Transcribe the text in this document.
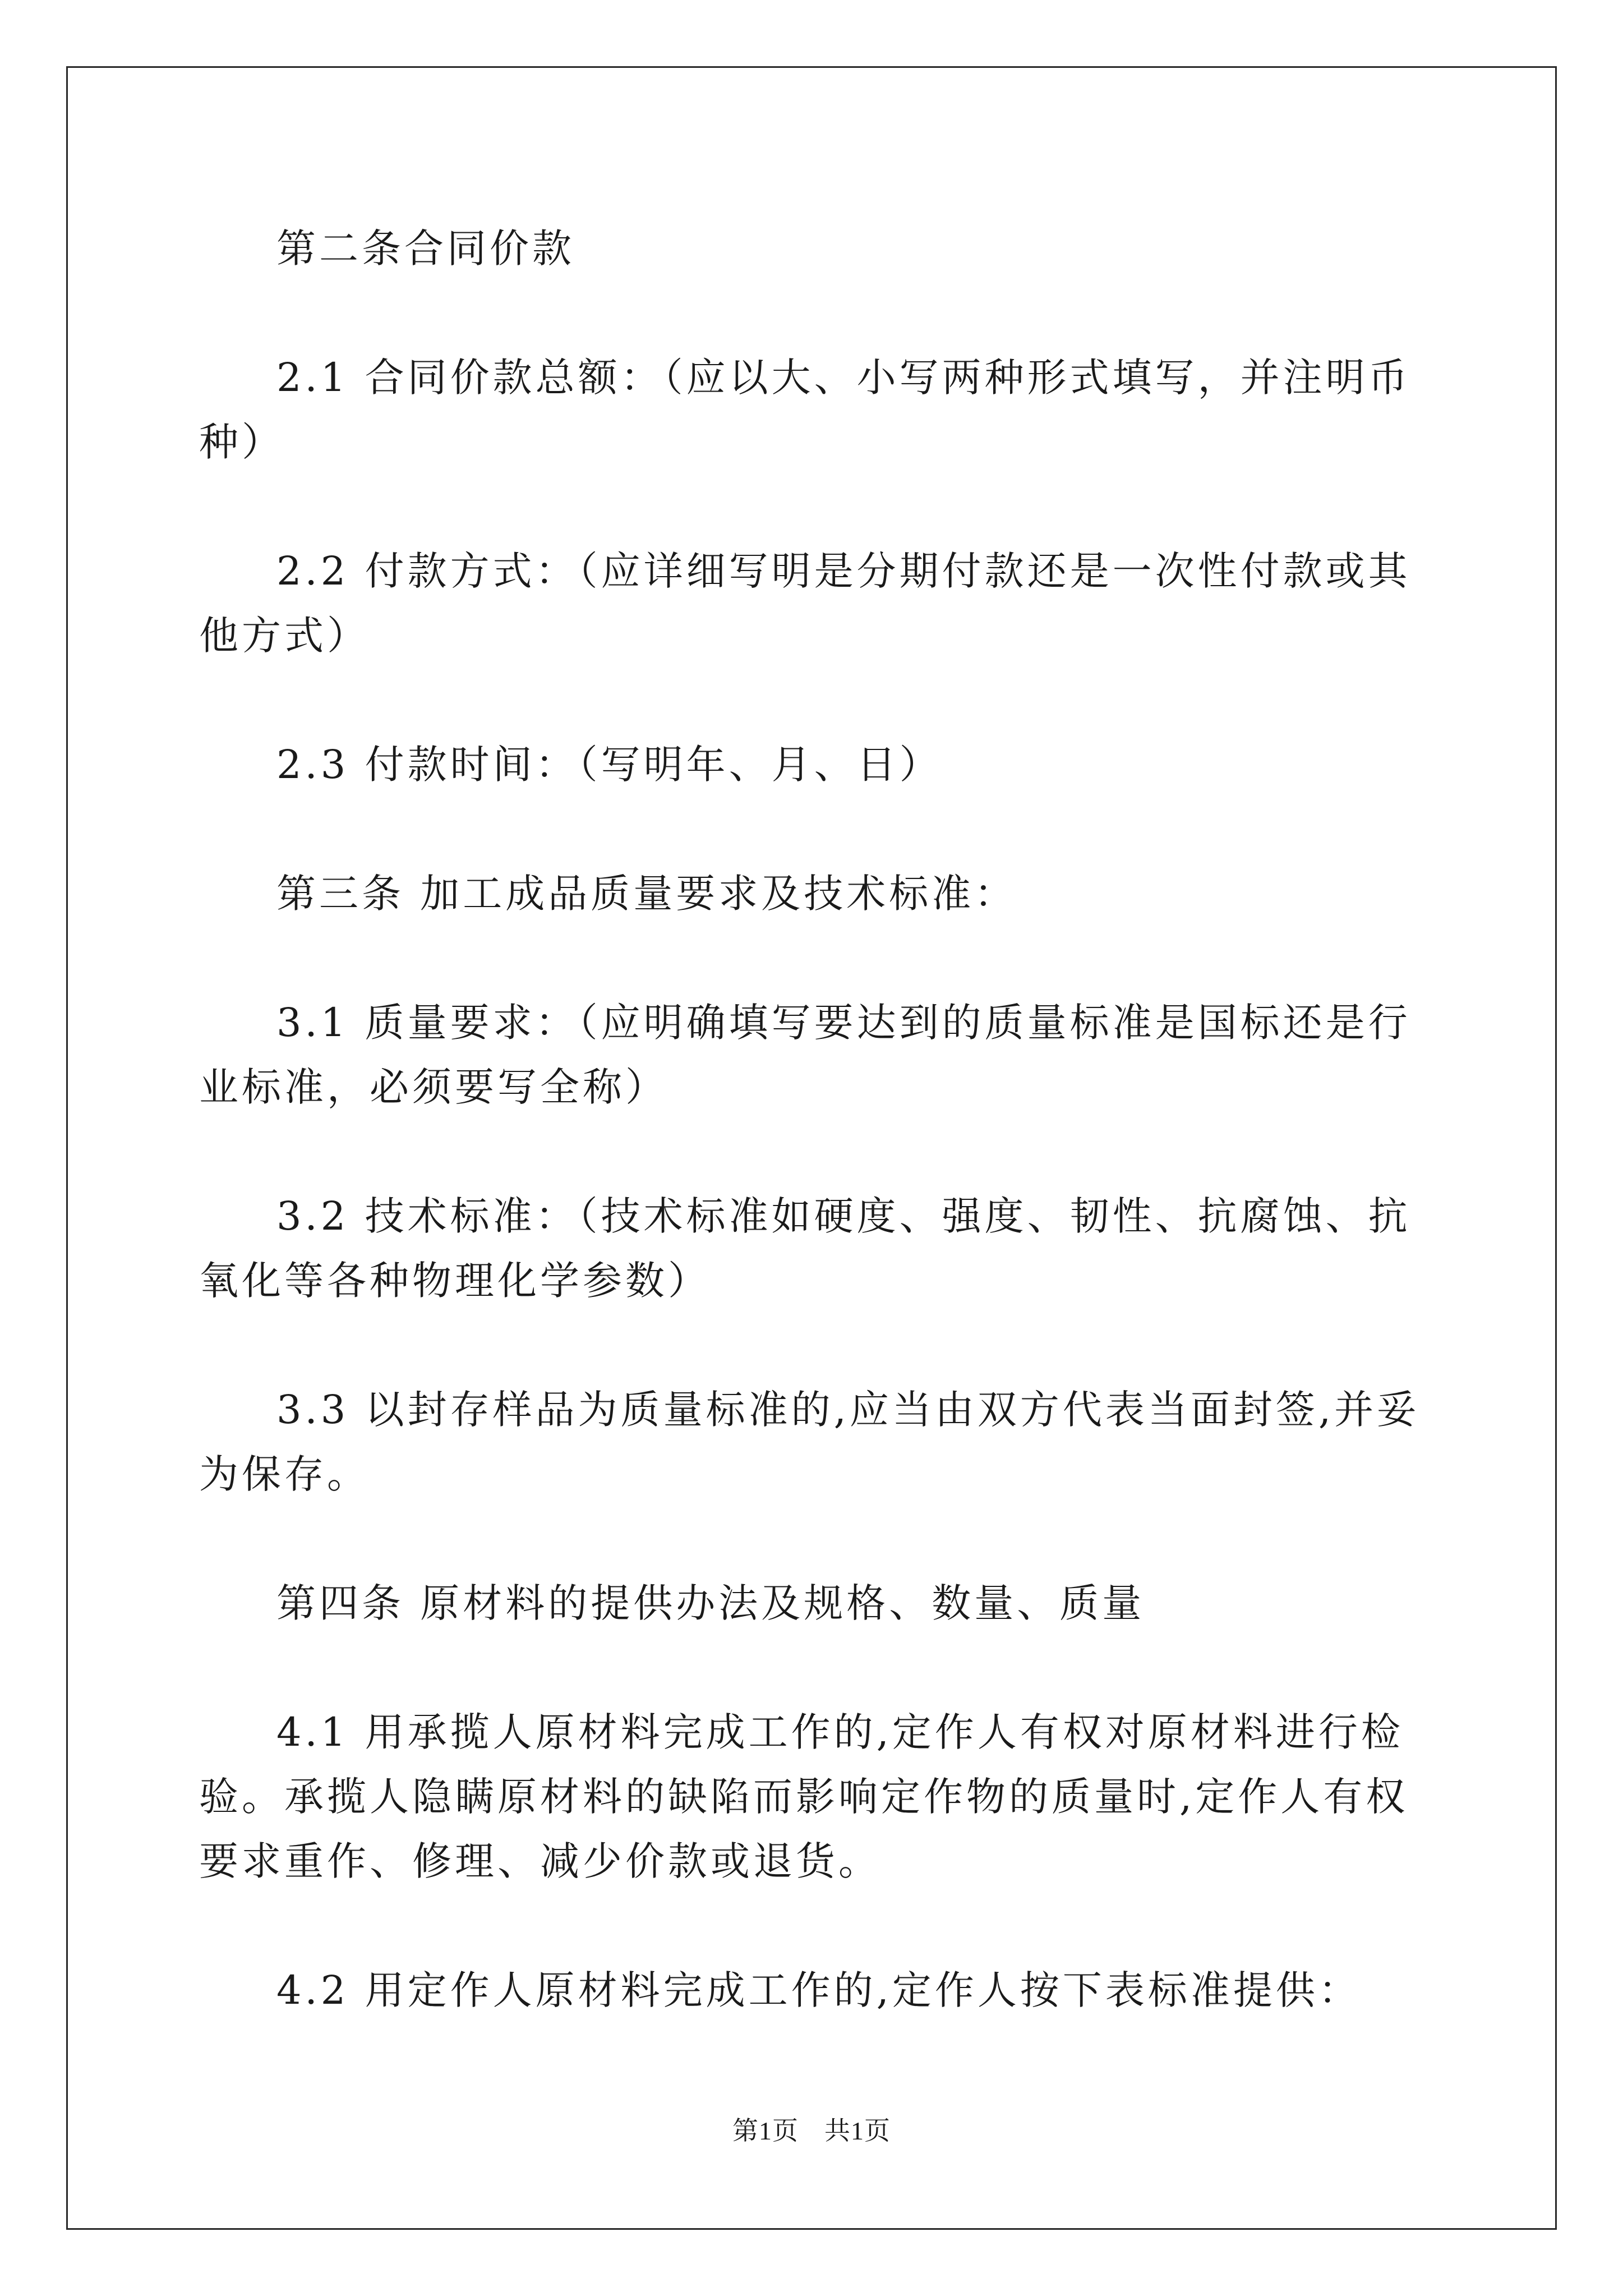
第二条合同价款

2.1 合同价款总额：（应以大、小写两种形式填写，并注明币种）

2.2 付款方式：（应详细写明是分期付款还是一次性付款或其他方式）

2.3 付款时间：（写明年、月、日）

第三条 加工成品质量要求及技术标准：

3.1 质量要求：（应明确填写要达到的质量标准是国标还是行业标准，必须要写全称）

3.2 技术标准：（技术标准如硬度、强度、韧性、抗腐蚀、抗氧化等各种物理化学参数）

3.3 以封存样品为质量标准的,应当由双方代表当面封签,并妥为保存。

第四条 原材料的提供办法及规格、数量、质量

4.1 用承揽人原材料完成工作的,定作人有权对原材料进行检验。承揽人隐瞒原材料的缺陷而影响定作物的质量时,定作人有权要求重作、修理、减少价款或退货。

4.2 用定作人原材料完成工作的,定作人按下表标准提供：

第1页 共1页
